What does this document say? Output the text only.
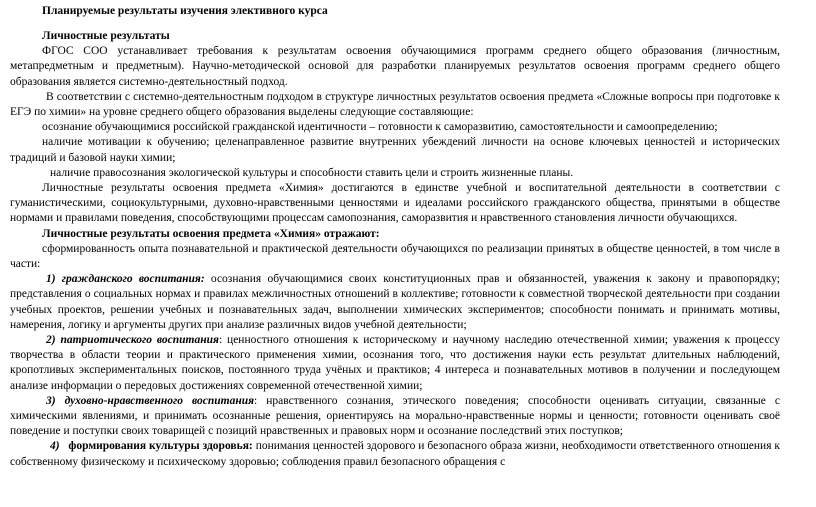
Планируемые результаты изучения элективного курса

Личностные результаты

ФГОС СОО устанавливает требования к результатам освоения обучающимися программ среднего общего образования (личностным, метапредметным и предметным). Научно-методической основой для разработки планируемых результатов освоения программ среднего общего образования является системно-деятельностный подход.

В соответствии с системно-деятельностным подходом в структуре личностных результатов освоения предмета «Сложные вопросы при подготовке к ЕГЭ по химии» на уровне среднего общего образования выделены следующие составляющие:

осознание обучающимися российской гражданской идентичности – готовности к саморазвитию, самостоятельности и самоопределению;

наличие мотивации к обучению; целенаправленное развитие внутренних убеждений личности на основе ключевых ценностей и исторических традиций и базовой науки химии;

наличие правосознания экологической культуры и способности ставить цели и строить жизненные планы.

Личностные результаты освоения предмета «Химия» достигаются в единстве учебной и воспитательной деятельности в соответствии с гуманистическими, социокультурными, духовно-нравственными ценностями и идеалами российского гражданского общества, принятыми в обществе нормами и правилами поведения, способствующими процессам самопознания, саморазвития и нравственного становления личности обучающихся.

Личностные результаты освоения предмета «Химия» отражают:

сформированность опыта познавательной и практической деятельности обучающихся по реализации принятых в обществе ценностей, в том числе в части:

1) гражданского воспитания: осознания обучающимися своих конституционных прав и обязанностей, уважения к закону и правопорядку; представления о социальных нормах и правилах межличностных отношений в коллективе; готовности к совместной творческой деятельности при создании учебных проектов, решении учебных и познавательных задач, выполнении химических экспериментов; способности понимать и принимать мотивы, намерения, логику и аргументы других при анализе различных видов учебной деятельности;

2) патриотического воспитания: ценностного отношения к историческому и научному наследию отечественной химии; уважения к процессу творчества в области теории и практического применения химии, осознания того, что достижения науки есть результат длительных наблюдений, кропотливых экспериментальных поисков, постоянного труда учёных и практиков; 4 интереса и познавательных мотивов в получении и последующем анализе информации о передовых достижениях современной отечественной химии;

3) духовно-нравственного воспитания: нравственного сознания, этического поведения; способности оценивать ситуации, связанные с химическими явлениями, и принимать осознанные решения, ориентируясь на морально-нравственные нормы и ценности; готовности оценивать своё поведение и поступки своих товарищей с позиций нравственных и правовых норм и осознание последствий этих поступков;

4) формирования культуры здоровья: понимания ценностей здорового и безопасного образа жизни, необходимости ответственного отношения к собственному физическому и психическому здоровью; соблюдения правил безопасного обращения с
